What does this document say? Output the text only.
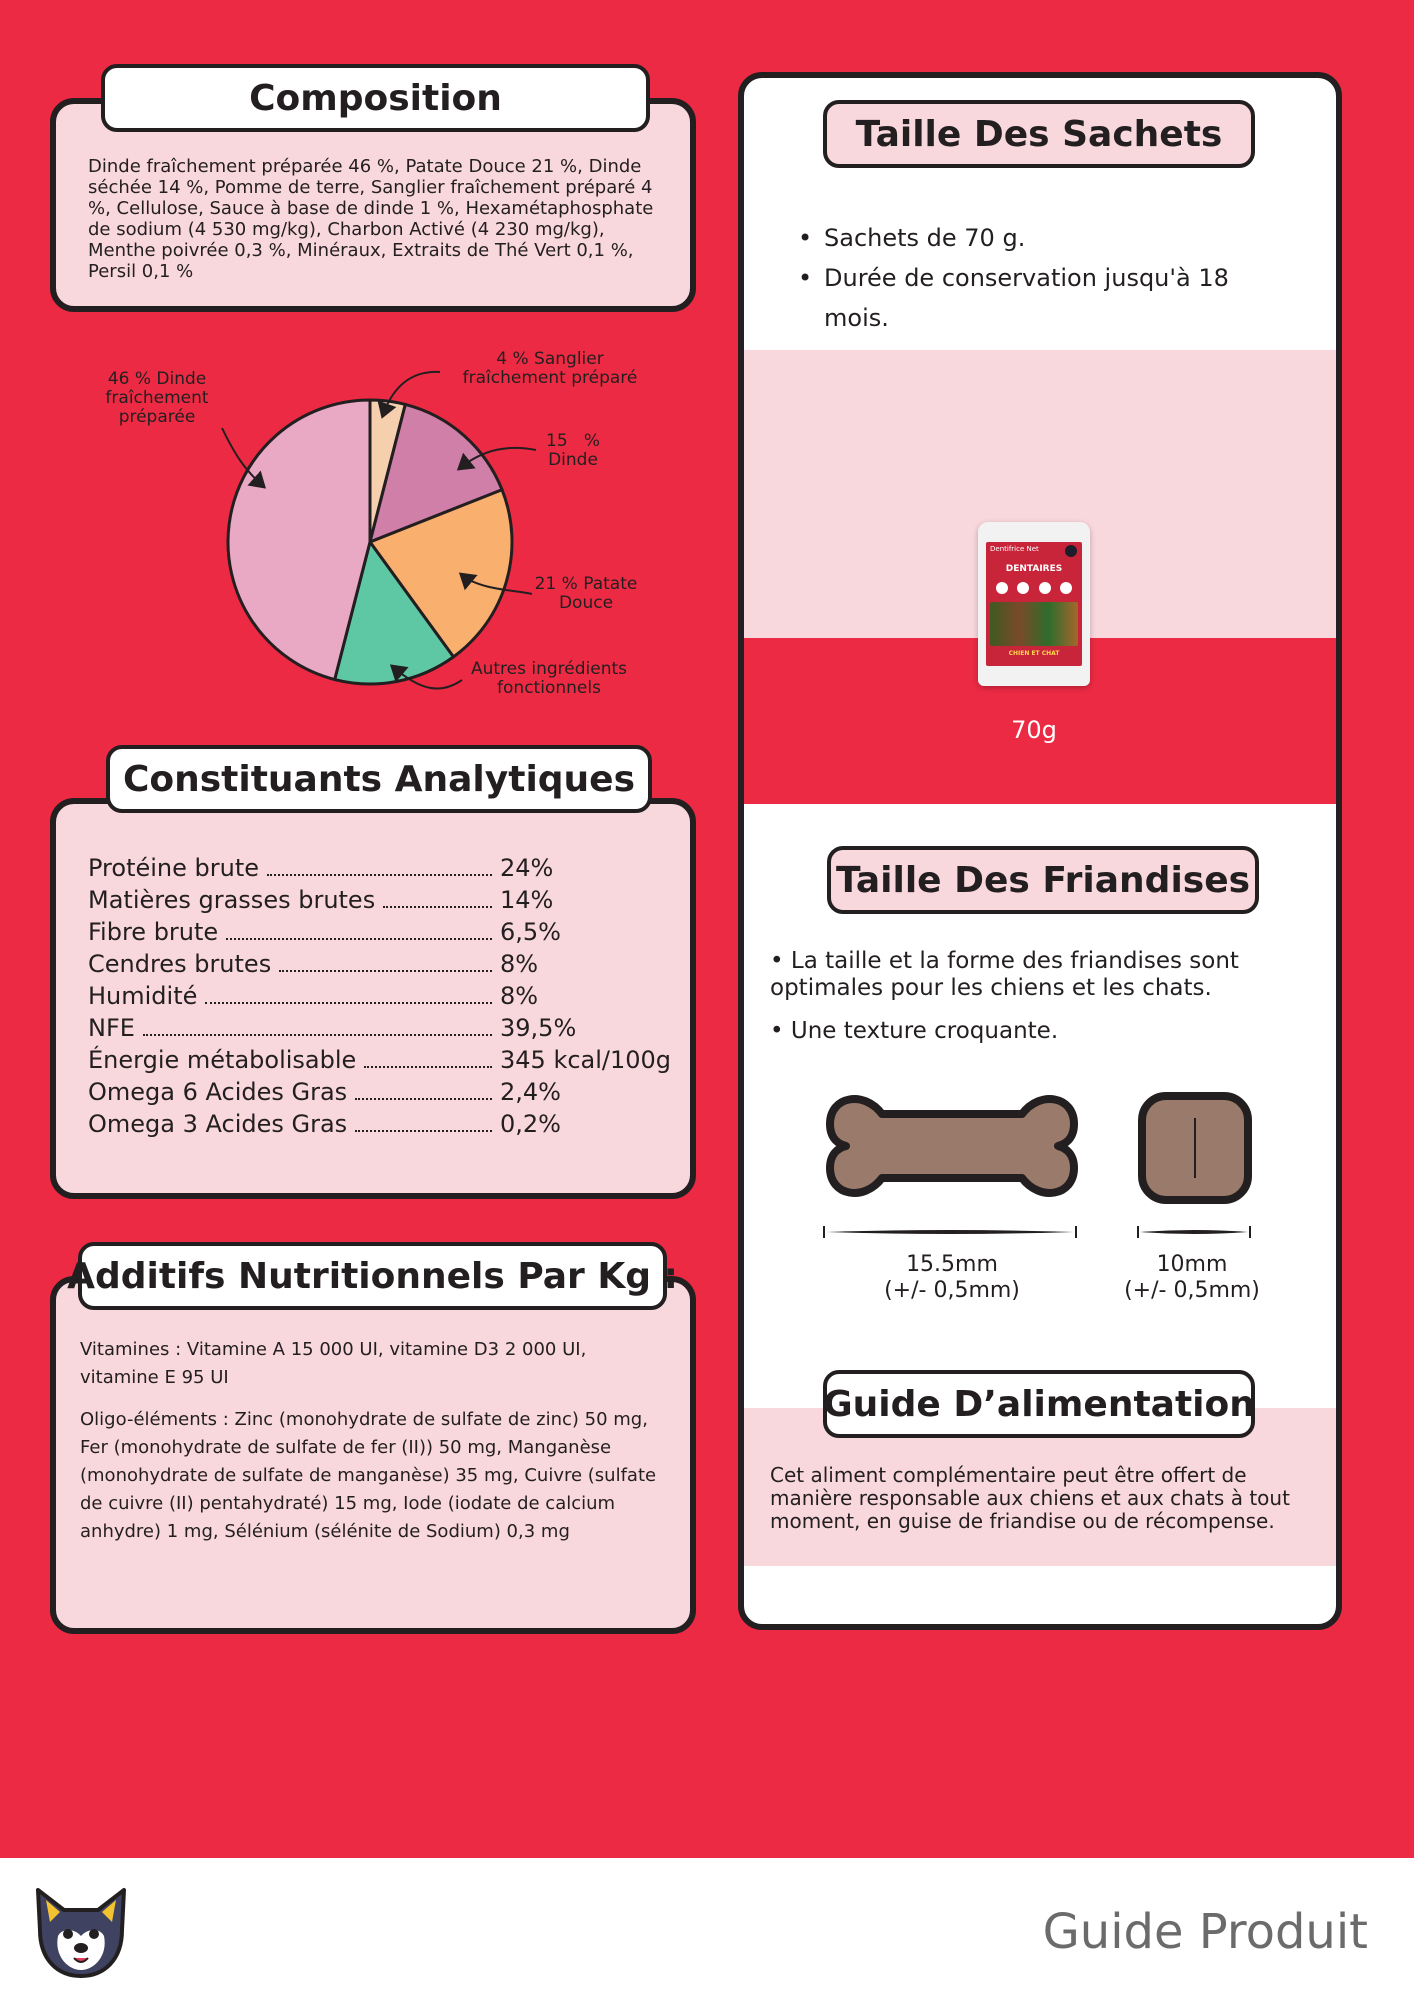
Dinde fraîchement préparée 46 %, Patate Douce 21 %, Dinde séchée 14 %, Pomme de terre, Sanglier fraîchement préparé 4 %, Cellulose, Sauce à base de dinde 1 %, Hexamétaphosphate de sodium (4 530 mg/kg), Charbon Activé (4 230 mg/kg), Menthe poivrée 0,3 %, Minéraux, Extraits de Thé Vert 0,1 %, Persil 0,1 %
Composition
46 % Dinde fraîchement préparée
4 % Sanglier fraîchement préparé
15   % Dinde
21 % Patate Douce
Autres ingrédients fonctionnels
Protéine brute	24%
Matières grasses brutes	14%
Fibre brute	6,5%
Cendres brutes	8%
Humidité	8%
NFE	39,5%
Énergie métabolisable	345 kcal/100g
Omega 6 Acides Gras	2,4%
Omega 3 Acides Gras	0,2%
Constituants Analytiques
Vitamines : Vitamine A 15 000 UI, vitamine D3 2 000 UI, vitamine E 95 UI
Oligo-éléments : Zinc (monohydrate de sulfate de zinc) 50 mg, Fer (monohydrate de sulfate de fer (II)) 50 mg, Manganèse (monohydrate de sulfate de manganèse) 35 mg, Cuivre (sulfate de cuivre (II) pentahydraté) 15 mg, Iode (iodate de calcium anhydre) 1 mg, Sélénium (sélénite de Sodium) 0,3 mg
Additifs Nutritionnels Par Kg :
• Sachets de 70 g.
• Durée de conservation jusqu'à 18 mois.
Dentifrice Net
DENTAIRES
CHIEN ET CHAT
70g
• La taille et la forme des friandises sont optimales pour les chiens et les chats.
• Une texture croquante.
15.5mm
(+/- 0,5mm)
10mm
(+/- 0,5mm)
Cet aliment complémentaire peut être offert de manière responsable aux chiens et aux chats à tout moment, en guise de friandise ou de récompense.
Taille Des Sachets
Taille Des Friandises
Guide D’alimentation
Guide Produit
